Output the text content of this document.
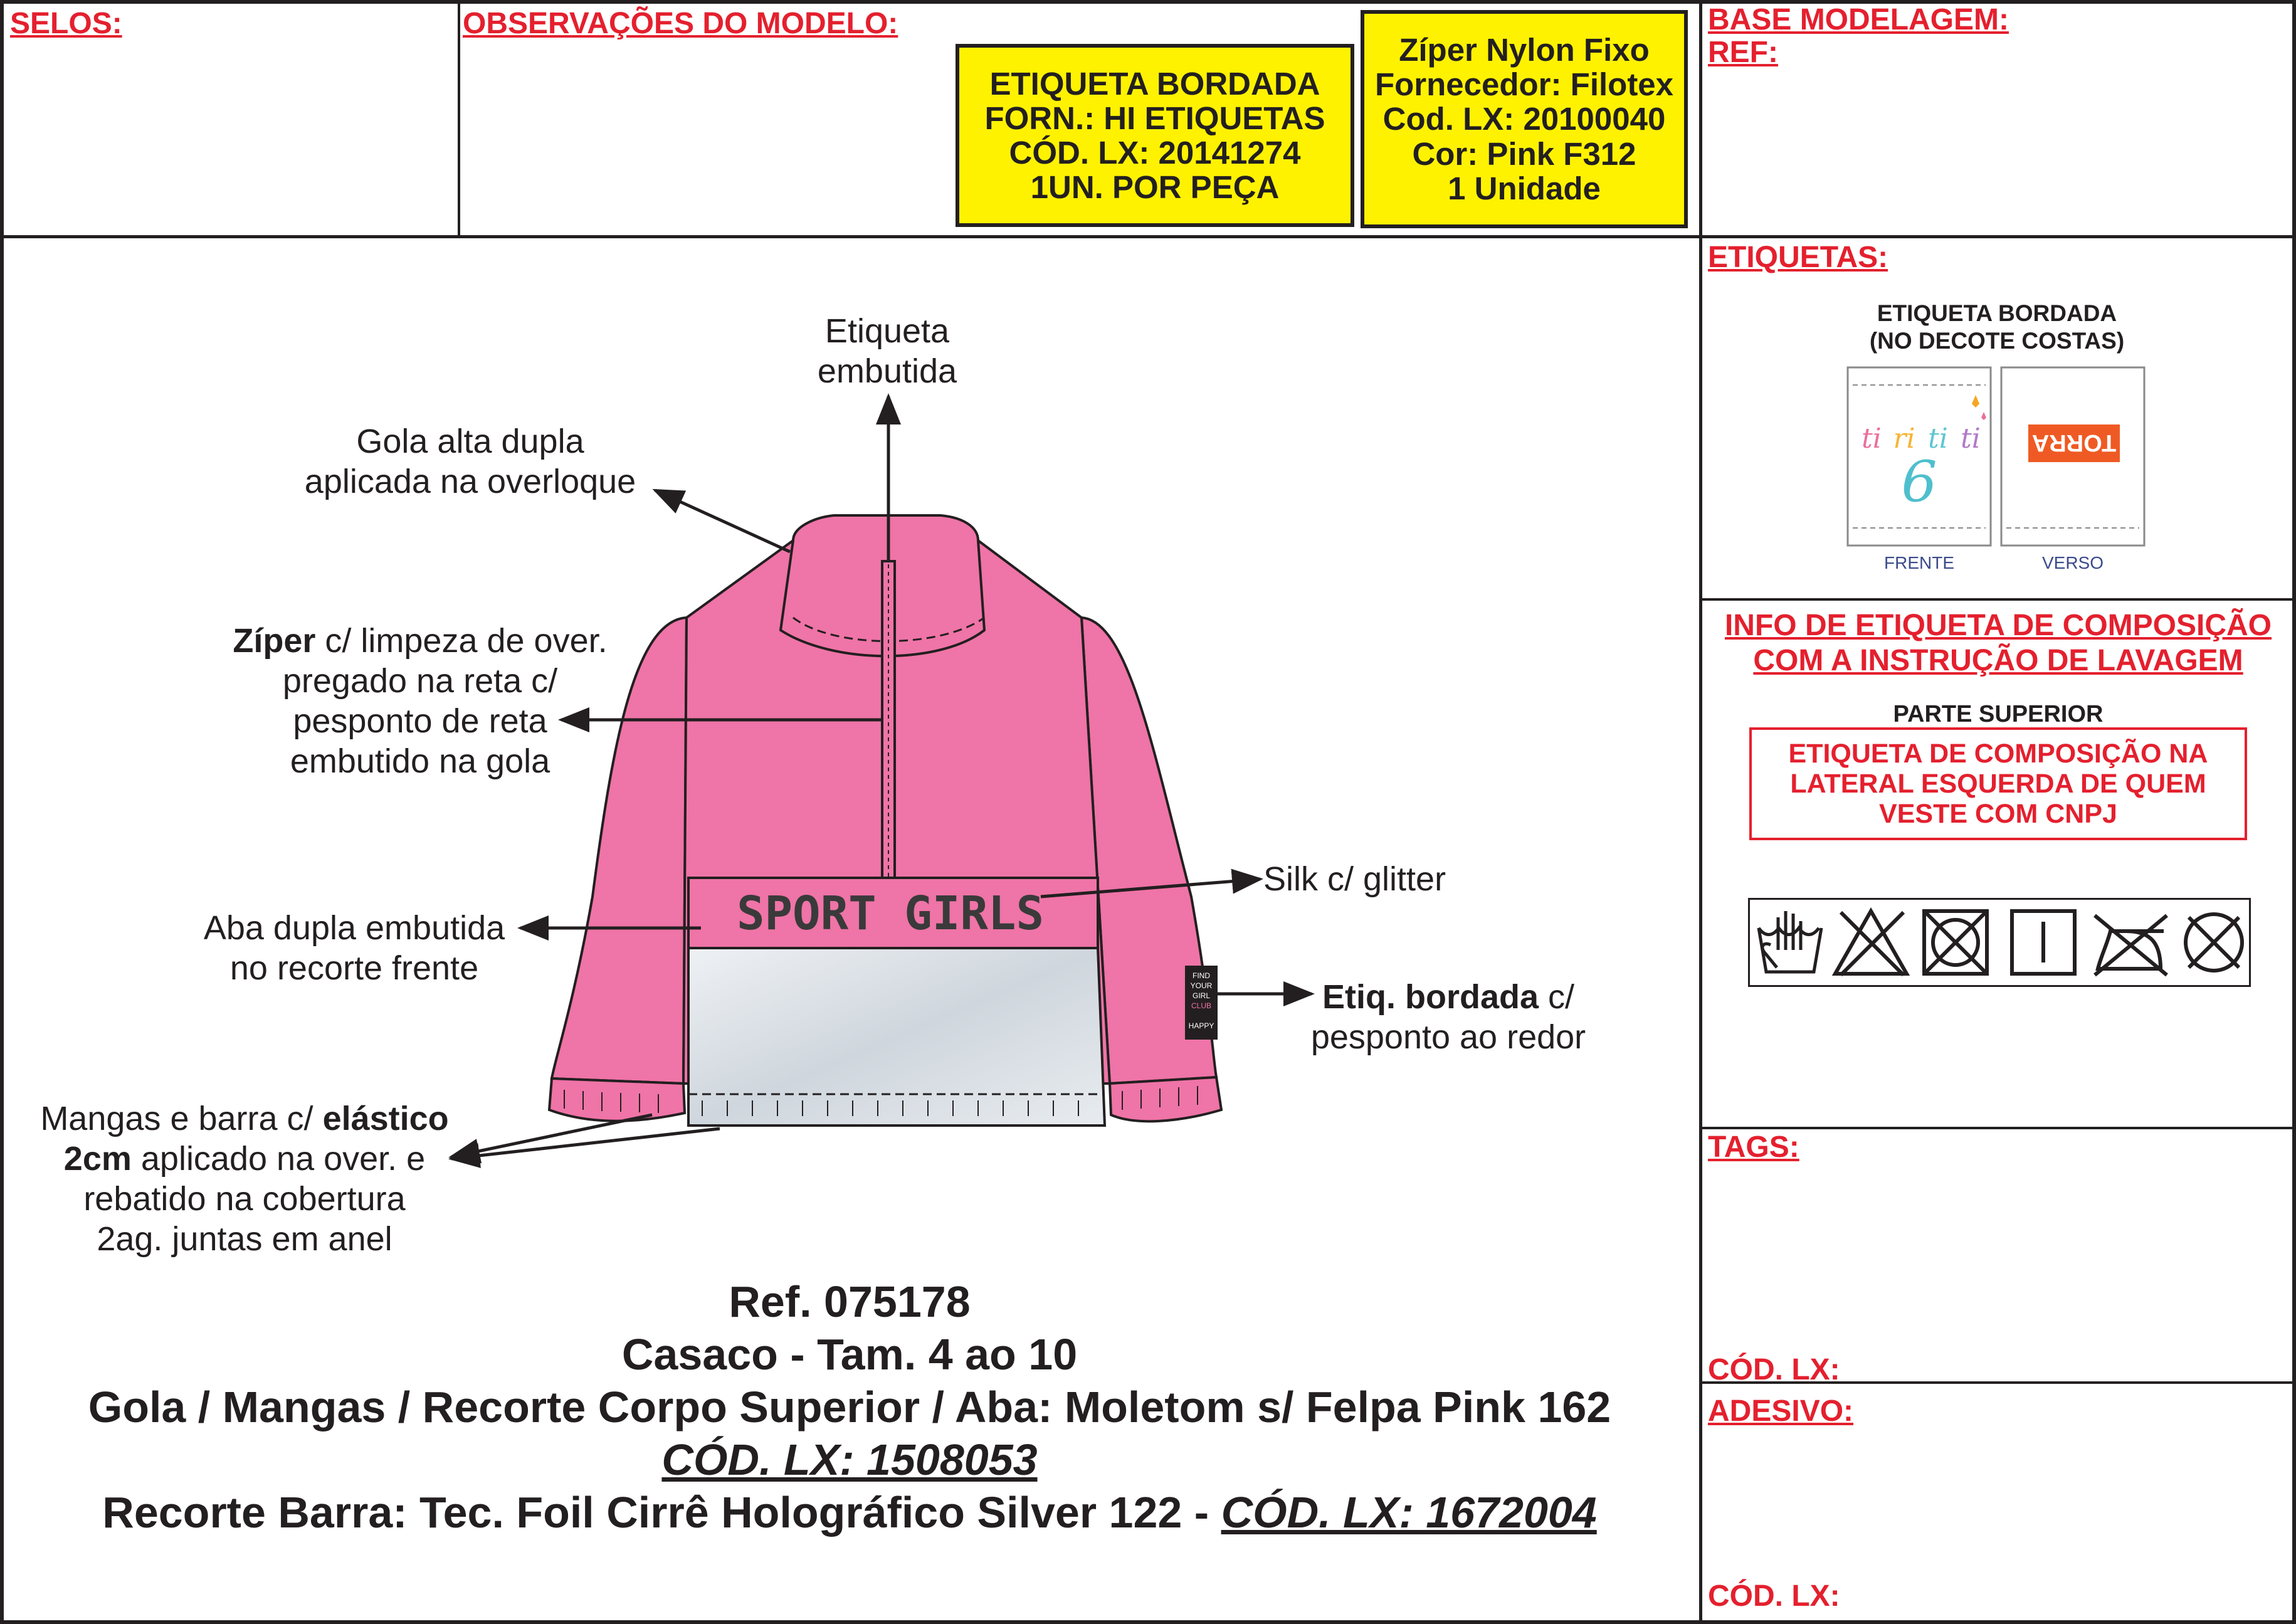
SELOS:	OBSERVAÇÕES DO MODELO:	BASE MODELAGEM:
REF:
ETIQUETA BORDADA
FORN.: HI ETIQUETAS
CÓD. LX: 20141274
1UN. POR PEÇA
Zíper Nylon Fixo
Fornecedor: Filotex
Cod. LX: 20100040
Cor: Pink F312
1 Unidade
SPORT GIRLS
FIND
YOUR
GIRL
CLUB
HAPPY
Etiqueta
embutida
Gola alta dupla
aplicada na overloque
Zíper c/ limpeza de over.
pregado na reta c/
pesponto de reta
embutido na gola
Aba dupla embutida
no recorte frente
Mangas e barra c/ elástico
2cm aplicado na over. e
rebatido na cobertura
2ag. juntas em anel
Silk c/ glitter
Etiq. bordada c/
pesponto ao redor
Ref. 075178
Casaco - Tam. 4 ao 10
Gola / Mangas / Recorte Corpo Superior / Aba: Moletom s/ Felpa Pink 162
CÓD. LX: 1508053
Recorte Barra: Tec. Foil Cirrê Holográfico Silver 122 - CÓD. LX: 1672004
ETIQUETAS:
ETIQUETA BORDADA
(NO DECOTE COSTAS)
ti ri ti ti
6
TORRA
FRENTE	VERSO
INFO DE ETIQUETA DE COMPOSIÇÃO
COM A INSTRUÇÃO DE LAVAGEM
PARTE SUPERIOR
ETIQUETA DE COMPOSIÇÃO NA
LATERAL ESQUERDA DE QUEM
VESTE COM CNPJ
TAGS:
CÓD. LX:
ADESIVO:
CÓD. LX:
